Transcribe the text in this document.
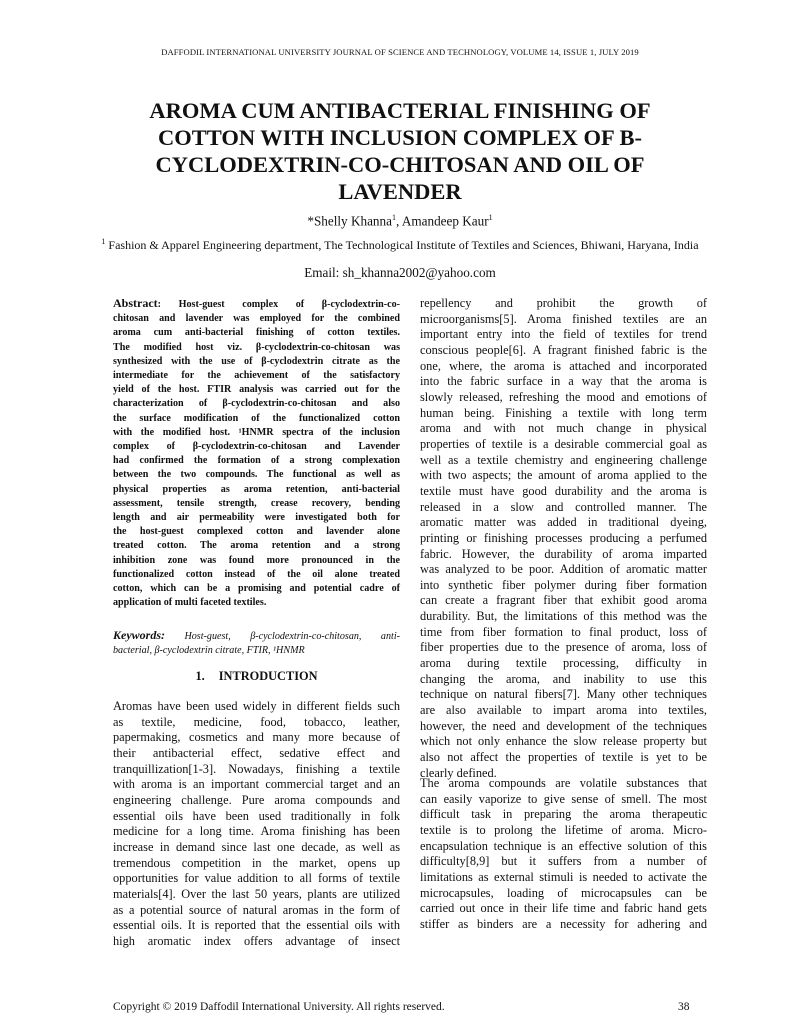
DAFFODIL INTERNATIONAL UNIVERSITY JOURNAL OF SCIENCE AND TECHNOLOGY, VOLUME 14, ISSUE 1, JULY 2019
AROMA CUM ANTIBACTERIAL FINISHING OF COTTON WITH INCLUSION COMPLEX OF Β-CYCLODEXTRIN-CO-CHITOSAN AND OIL OF LAVENDER
*Shelly Khanna$^1$, Amandeep Kaur$^1$
$^1$ Fashion & Apparel Engineering department, The Technological Institute of Textiles and Sciences, Bhiwani, Haryana, India
Email: sh_khanna2002@yahoo.com
Abstract: Host-guest complex of β-cyclodextrin-co-
chitosan and lavender was employed for the combined
aroma cum anti-bacterial finishing of cotton textiles.
The modified host viz. β-cyclodextrin-co-chitosan was
synthesized with the use of β-cyclodextrin citrate as the
intermediate for the achievement of the satisfactory
yield of the host. FTIR analysis was carried out for the
characterization of β-cyclodextrin-co-chitosan and also
the surface modification of the functionalized cotton
with the modified host. ¹HNMR spectra of the inclusion
complex of β-cyclodextrin-co-chitosan and Lavender
had confirmed the formation of a strong complexation
between the two compounds. The functional as well as
physical properties as aroma retention, anti-bacterial
assessment, tensile strength, crease recovery, bending
length and air permeability were investigated both for
the host-guest complexed cotton and lavender alone
treated cotton. The aroma retention and a strong
inhibition zone was found more pronounced in the
functionalized cotton instead of the oil alone treated
cotton, which can be a promising and potential cadre of
application of multi faceted textiles.
Keywords: Host-guest, β-cyclodextrin-co-chitosan, anti-
bacterial, β-cyclodextrin citrate, FTIR, ¹HNMR
1. INTRODUCTION
Aromas have been used widely in different fields such
as textile, medicine, food, tobacco, leather,
papermaking, cosmetics and many more because of
their antibacterial effect, sedative effect and
tranquillization[1-3]. Nowadays, finishing a textile
with aroma is an important commercial target and an
engineering challenge. Pure aroma compounds and
essential oils have been used traditionally in folk
medicine for a long time. Aroma finishing has been
increase in demand since last one decade, as well as
tremendous competition in the market, opens up
opportunities for value addition to all forms of textile
materials[4]. Over the last 50 years, plants are utilized
as a potential source of natural aromas in the form of
essential oils. It is reported that the essential oils with
high aromatic index offers advantage of insect
repellency and prohibit the growth of
microorganisms[5]. Aroma finished textiles are an
important entry into the field of textiles for trend
conscious people[6]. A fragrant finished fabric is the
one, where, the aroma is attached and incorporated
into the fabric surface in a way that the aroma is
slowly released, refreshing the mood and emotions of
human being. Finishing a textile with long term
aroma and with not much change in physical
properties of textile is a desirable commercial goal as
well as a textile chemistry and engineering challenge
with two aspects; the amount of aroma applied to the
textile must have good durability and the aroma is
released in a slow and controlled manner. The
aromatic matter was added in traditional dyeing,
printing or finishing processes producing a perfumed
fabric. However, the durability of aroma imparted
was analyzed to be poor. Addition of aromatic matter
into synthetic fiber polymer during fiber formation
can create a fragrant fiber that exhibit good aroma
durability. But, the limitations of this method was the
time from fiber formation to final product, loss of
fiber properties due to the presence of aroma, loss of
aroma during textile processing, difficulty in
changing the aroma, and inability to use this
technique on natural fibers[7]. Many other techniques
are also available to impart aroma into textiles,
however, the need and development of the techniques
which not only enhance the slow release property but
also not affect the properties of textile is yet to be
clearly defined.
The aroma compounds are volatile substances that
can easily vaporize to give sense of smell. The most
difficult task in preparing the aroma therapeutic
textile is to prolong the lifetime of aroma. Micro-
encapsulation technique is an effective solution of this
difficulty[8,9] but it suffers from a number of
limitations as external stimuli is needed to activate the
microcapsules, loading of microcapsules can be
carried out once in their life time and fabric hand gets
stiffer as binders are a necessity for adhering and
Copyright © 2019 Daffodil International University. All rights reserved.	38
